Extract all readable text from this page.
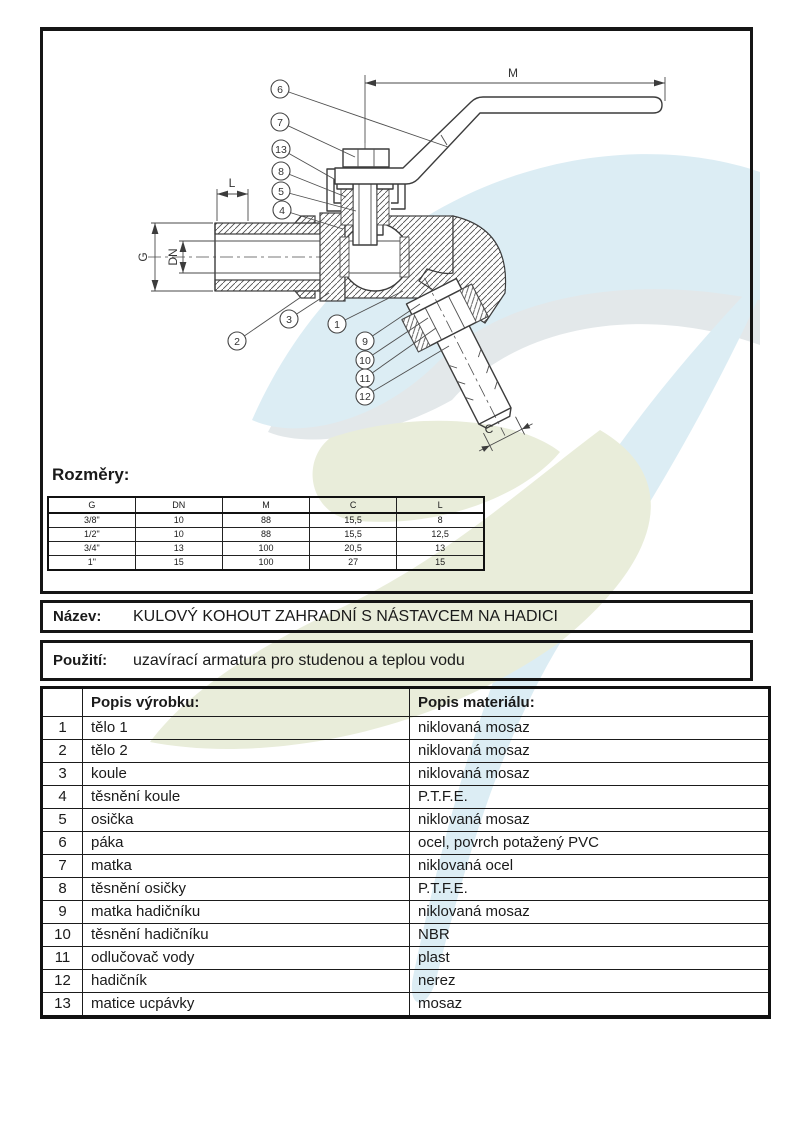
C
M
L
G DN
6
7
13
8
5
4
2
3	1
9
10
11
12
Rozměry:
G	DN	M	C	L
3/8"	10	88	15,5	8
1/2"	10	88	15,5	12,5
3/4"	13	100	20,5	13
1"	15	100	27	15
Název:	KULOVÝ KOHOUT ZAHRADNÍ S NÁSTAVCEM NA HADICI
Použití:	uzavírací armatura pro studenou a teplou vodu
	Popis výrobku:	Popis materiálu:
1	tělo 1	niklovaná mosaz
2	tělo 2	niklovaná mosaz
3	koule	niklovaná mosaz
4	těsnění koule	P.T.F.E.
5	osička	niklovaná mosaz
6	páka	ocel, povrch potažený PVC
7	matka	niklovaná ocel
8	těsnění osičky	P.T.F.E.
9	matka hadičníku	niklovaná mosaz
10	těsnění hadičníku	NBR
11	odlučovač vody	plast
12	hadičník	nerez
13	matice ucpávky	mosaz
